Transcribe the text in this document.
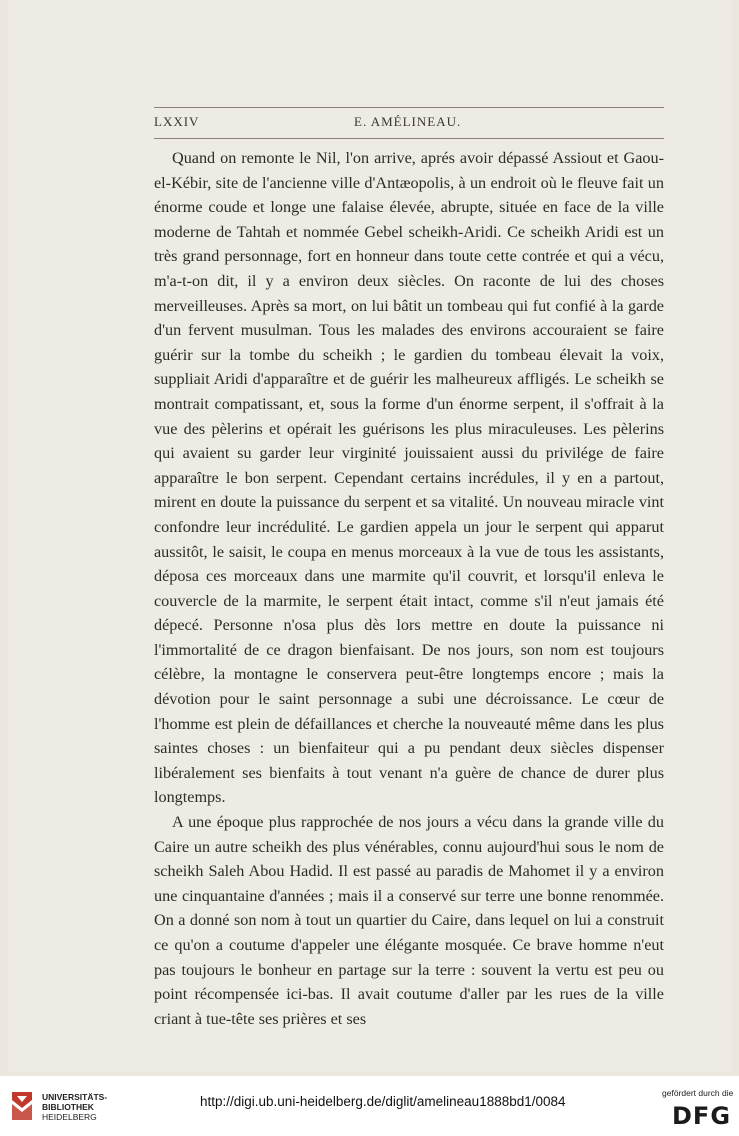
LXXIV	E. AMÉLINEAU.

Quand on remonte le Nil, l'on arrive, aprés avoir dépassé Assiout et Gaou-el-Kébir, site de l'ancienne ville d'Antæopolis, à un endroit où le fleuve fait un énorme coude et longe une falaise élevée, abrupte, située en face de la ville moderne de Tahtah et nommée Gebel scheikh-Aridi. Ce scheikh Aridi est un très grand personnage, fort en honneur dans toute cette contrée et qui a vécu, m'a-t-on dit, il y a environ deux siècles. On raconte de lui des choses merveilleuses. Après sa mort, on lui bâtit un tombeau qui fut confié à la garde d'un fervent musulman. Tous les malades des environs accouraient se faire guérir sur la tombe du scheikh ; le gardien du tombeau élevait la voix, suppliait Aridi d'apparaître et de guérir les malheureux affligés. Le scheikh se montrait compatissant, et, sous la forme d'un énorme serpent, il s'offrait à la vue des pèlerins et opérait les guérisons les plus miraculeuses. Les pèlerins qui avaient su garder leur virginité jouissaient aussi du privilége de faire apparaître le bon serpent. Cependant certains incrédules, il y en a partout, mirent en doute la puissance du serpent et sa vitalité. Un nouveau miracle vint confondre leur incrédulité. Le gardien appela un jour le serpent qui apparut aussitôt, le saisit, le coupa en menus morceaux à la vue de tous les assistants, déposa ces morceaux dans une marmite qu'il couvrit, et lorsqu'il enleva le couvercle de la marmite, le serpent était intact, comme s'il n'eut jamais été dépecé. Personne n'osa plus dès lors mettre en doute la puissance ni l'immortalité de ce dragon bienfaisant. De nos jours, son nom est toujours célèbre, la montagne le conservera peut-être longtemps encore ; mais la dévotion pour le saint personnage a subi une décroissance. Le cœur de l'homme est plein de défaillances et cherche la nouveauté même dans les plus saintes choses : un bienfaiteur qui a pu pendant deux siècles dispenser libéralement ses bienfaits à tout venant n'a guère de chance de durer plus longtemps.

A une époque plus rapprochée de nos jours a vécu dans la grande ville du Caire un autre scheikh des plus vénérables, connu aujourd'hui sous le nom de scheikh Saleh Abou Hadid. Il est passé au paradis de Mahomet il y a environ une cinquantaine d'années ; mais il a conservé sur terre une bonne renommée. On a donné son nom à tout un quartier du Caire, dans lequel on lui a construit ce qu'on a coutume d'appeler une élégante mosquée. Ce brave homme n'eut pas toujours le bonheur en partage sur la terre : souvent la vertu est peu ou point récompensée ici-bas. Il avait coutume d'aller par les rues de la ville criant à tue-tête ses prières et ses

UNIVERSITÄTS-
BIBLIOTHEK
HEIDELBERG
http://digi.ub.uni-heidelberg.de/diglit/amelineau1888bd1/0084
gefördert durch die
DFG
